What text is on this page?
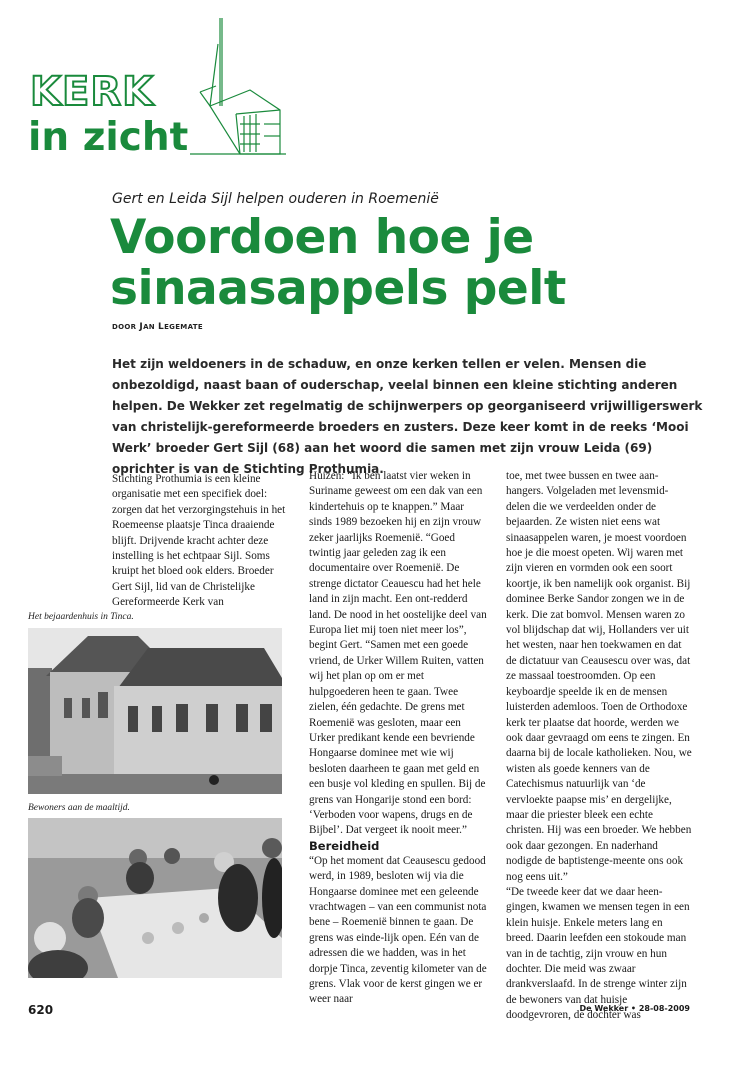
KERK
in zicht
Gert en Leida Sijl helpen ouderen in Roemenië
Voordoen hoe je
sinaasappels pelt
DOOR JAN LEGEMATE
Het zijn weldoeners in de schaduw, en onze kerken tellen er velen. Mensen die onbezoldigd, naast baan of ouderschap, veelal binnen een kleine stichting anderen helpen. De Wekker zet regelmatig de schijnwerpers op georganiseerd vrijwilligerswerk van christelijk-gereformeerde broeders en zusters. Deze keer komt in de reeks ‘Mooi Werk’ broeder Gert Sijl (68) aan het woord die samen met zijn vrouw Leida (69) oprichter is van de Stichting Prothumia.

Stichting Prothumia is een kleine organisatie met een specifiek doel: zorgen dat het verzorgingstehuis in het Roemeense plaatsje Tinca draaiende blijft. Drijvende kracht achter deze instelling is het echtpaar Sijl. Soms kruipt het bloed ook elders. Broeder Gert Sijl, lid van de Christelijke Gereformeerde Kerk van

Het bejaardenhuis in Tinca.
Bewoners aan de maaltijd.

Huizen: “Ik ben laatst vier weken in Suriname geweest om een dak van een kindertehuis op te knappen.” Maar sinds 1989 bezoeken hij en zijn vrouw zeker jaarlijks Roemenië. “Goed twintig jaar geleden zag ik een documentaire over Roemenië. De strenge dictator Ceauescu had het hele land in zijn macht. Een ont-redderd land. De nood in het oostelijke deel van Europa liet mij toen niet meer los”, begint Gert. “Samen met een goede vriend, de Urker Willem Ruiten, vatten wij het plan op om er met hulpgoederen heen te gaan. Twee zielen, één gedachte. De grens met Roemenië was gesloten, maar een Urker predikant kende een bevriende Hongaarse dominee met wie wij besloten daarheen te gaan met geld en een busje vol kleding en spullen. Bij de grens van Hongarije stond een bord: ‘Verboden voor wapens, drugs en de Bijbel’. Dat vergeet ik nooit meer.”

Bereidheid

“Op het moment dat Ceausescu gedood werd, in 1989, besloten wij via die Hongaarse dominee met een geleende vrachtwagen – van een communist nota bene – Roemenië binnen te gaan. De grens was einde-lijk open. Eén van de adressen die we hadden, was in het dorpje Tinca, zeventig kilometer van de grens. Vlak voor de kerst gingen we er weer naar

toe, met twee bussen en twee aan-hangers. Volgeladen met levensmid-delen die we verdeelden onder de bejaarden. Ze wisten niet eens wat sinaasappelen waren, je moest voordoen hoe je die moest opeten. Wij waren met zijn vieren en vormden ook een soort koortje, ik ben namelijk ook organist. Bij dominee Berke Sandor zongen we in de kerk. Die zat bomvol. Mensen waren zo vol blijdschap dat wij, Hollanders ver uit het westen, naar hen toekwamen en dat de dictatuur van Ceausescu over was, dat ze massaal toestroomden. Op een keyboardje speelde ik en de mensen luisterden ademloos. Toen de Orthodoxe kerk ter plaatse dat hoorde, werden we ook daar gevraagd om eens te zingen. En daarna bij de locale katholieken. Nou, we wisten als goede kenners van de Catechismus natuurlijk van ‘de vervloekte paapse mis’ en dergelijke, maar die priester bleek een echte christen. Hij was een broeder. We hebben ook daar gezongen. En naderhand nodigde de baptistenge-meente ons ook nog eens uit.”

“De tweede keer dat we daar heen-gingen, kwamen we mensen tegen in een klein huisje. Enkele meters lang en breed. Daarin leefden een stokoude man van in de tachtig, zijn vrouw en hun dochter. Die meid was zwaar drankverslaafd. In de strenge winter zijn de bewoners van dat huisje doodgevroren, de dochter was

620	De Wekker • 28-08-2009
